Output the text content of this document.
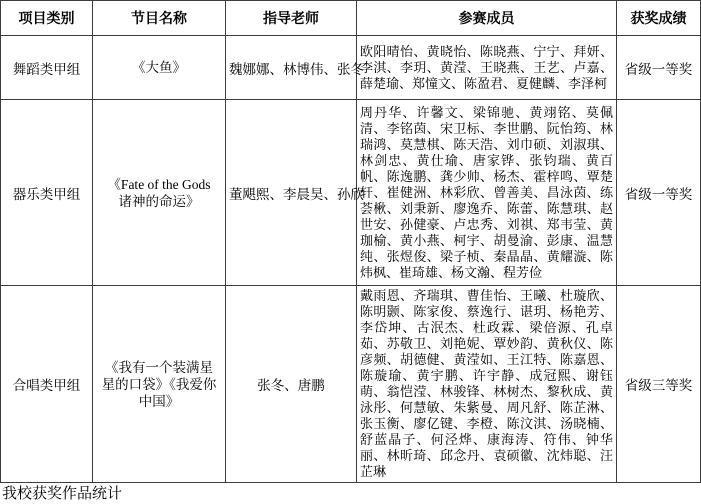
项目类别	节目名称	指导老师	参赛成员	获奖成绩
舞蹈类甲组	《大鱼》	魏娜娜、林博伟、张冬	欧阳晴怡、黄晓怡、陈晓燕、宁宁、拜妍、李淇、李玥、黄滢、王晓燕、王艺、卢嘉、薛楚瑜、郑憧文、陈盈君、夏健麟、李泽柯	省级一等奖
器乐类甲组	《Fate of the Gods诸神的命运》	董飓熙、李晨昊、孙欣	周丹华、许馨文、梁锦驰、黄翊铭、莫佩清、李铭茵、宋卫标、李世鹏、阮怡筠、林瑞鸿、莫慧棋、陈天浩、刘巾硕、刘淑琪、林剑忠、黄仕瑜、唐家铧、张钧瑞、黄百帆、陈逸鹏、龚少帅、杨杰、霍梓鸣、覃楚轩、崔健洲、林彩欣、曾善美、昌泳茵、练荟楸、刘秉新、廖逸乔、陈蕾、陈慧琪、赵世安、孙健豪、卢忠秀、刘祺、郑韦莹、黄珈榆、黄小燕、柯宇、胡曼渝、彭康、温慧纯、张煜俊、梁子桢、秦晶晶、黄耀漩、陈炜枫、崔琦雄、杨文瀚、程芳俭	省级一等奖
合唱类甲组	《我有一个装满星星的口袋》《我爱你中国》	张冬、唐鹏	戴雨恩、齐瑞琪、曹佳怡、王曦、杜璇欣、陈明颢、陈家俊、蔡逸行、谌玥、杨艳芳、李岱坤、古泯杰、杜政霖、梁倍源、孔卓茹、苏敬卫、刘艳妮、覃妙韵、黄秋仪、陈彦频、胡德健、黄滢如、王江特、陈嘉恩、陈璇瑜、黄宇鹏、许宇静、成冠熙、谢钰萌、翁恺滢、林骏锋、林树杰、黎秋成、黄泳彤、何慧敏、朱紫曼、周凡舒、陈芷淋、张玉衡、廖亿键、李橙、陈汶淇、汤晓楠、舒蓝晶子、何泾烨、康海涛、符伟、钟华丽、林昕琦、邱念丹、袁硕徽、沈炜聪、汪芷琳	省级三等奖
我校获奖作品统计
